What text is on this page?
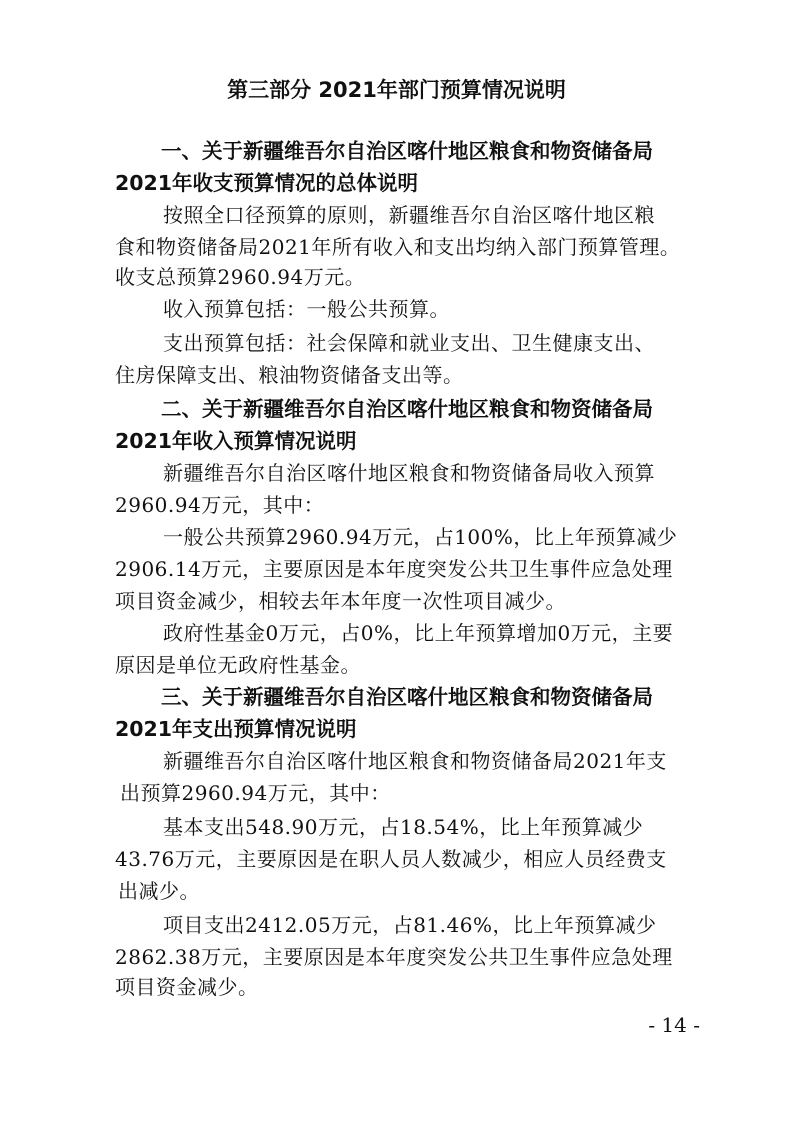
第三部分 2021年部门预算情况说明
一、关于新疆维吾尔自治区喀什地区粮食和物资储备局
2021年收支预算情况的总体说明
按照全口径预算的原则，新疆维吾尔自治区喀什地区粮
食和物资储备局2021年所有收入和支出均纳入部门预算管理。
收支总预算2960.94万元。
收入预算包括：一般公共预算。
支出预算包括：社会保障和就业支出、卫生健康支出、
住房保障支出、粮油物资储备支出等。
二、关于新疆维吾尔自治区喀什地区粮食和物资储备局
2021年收入预算情况说明
新疆维吾尔自治区喀什地区粮食和物资储备局收入预算
2960.94万元，其中：
一般公共预算2960.94万元，占100%，比上年预算减少
2906.14万元，主要原因是本年度突发公共卫生事件应急处理
项目资金减少，相较去年本年度一次性项目减少。
政府性基金0万元，占0%，比上年预算增加0万元，主要
原因是单位无政府性基金。
三、关于新疆维吾尔自治区喀什地区粮食和物资储备局
2021年支出预算情况说明
新疆维吾尔自治区喀什地区粮食和物资储备局2021年支
出预算2960.94万元，其中：
基本支出548.90万元，占18.54%，比上年预算减少
43.76万元，主要原因是在职人员人数减少，相应人员经费支
出减少。
项目支出2412.05万元，占81.46%，比上年预算减少
2862.38万元，主要原因是本年度突发公共卫生事件应急处理
项目资金减少。
- 14 -
